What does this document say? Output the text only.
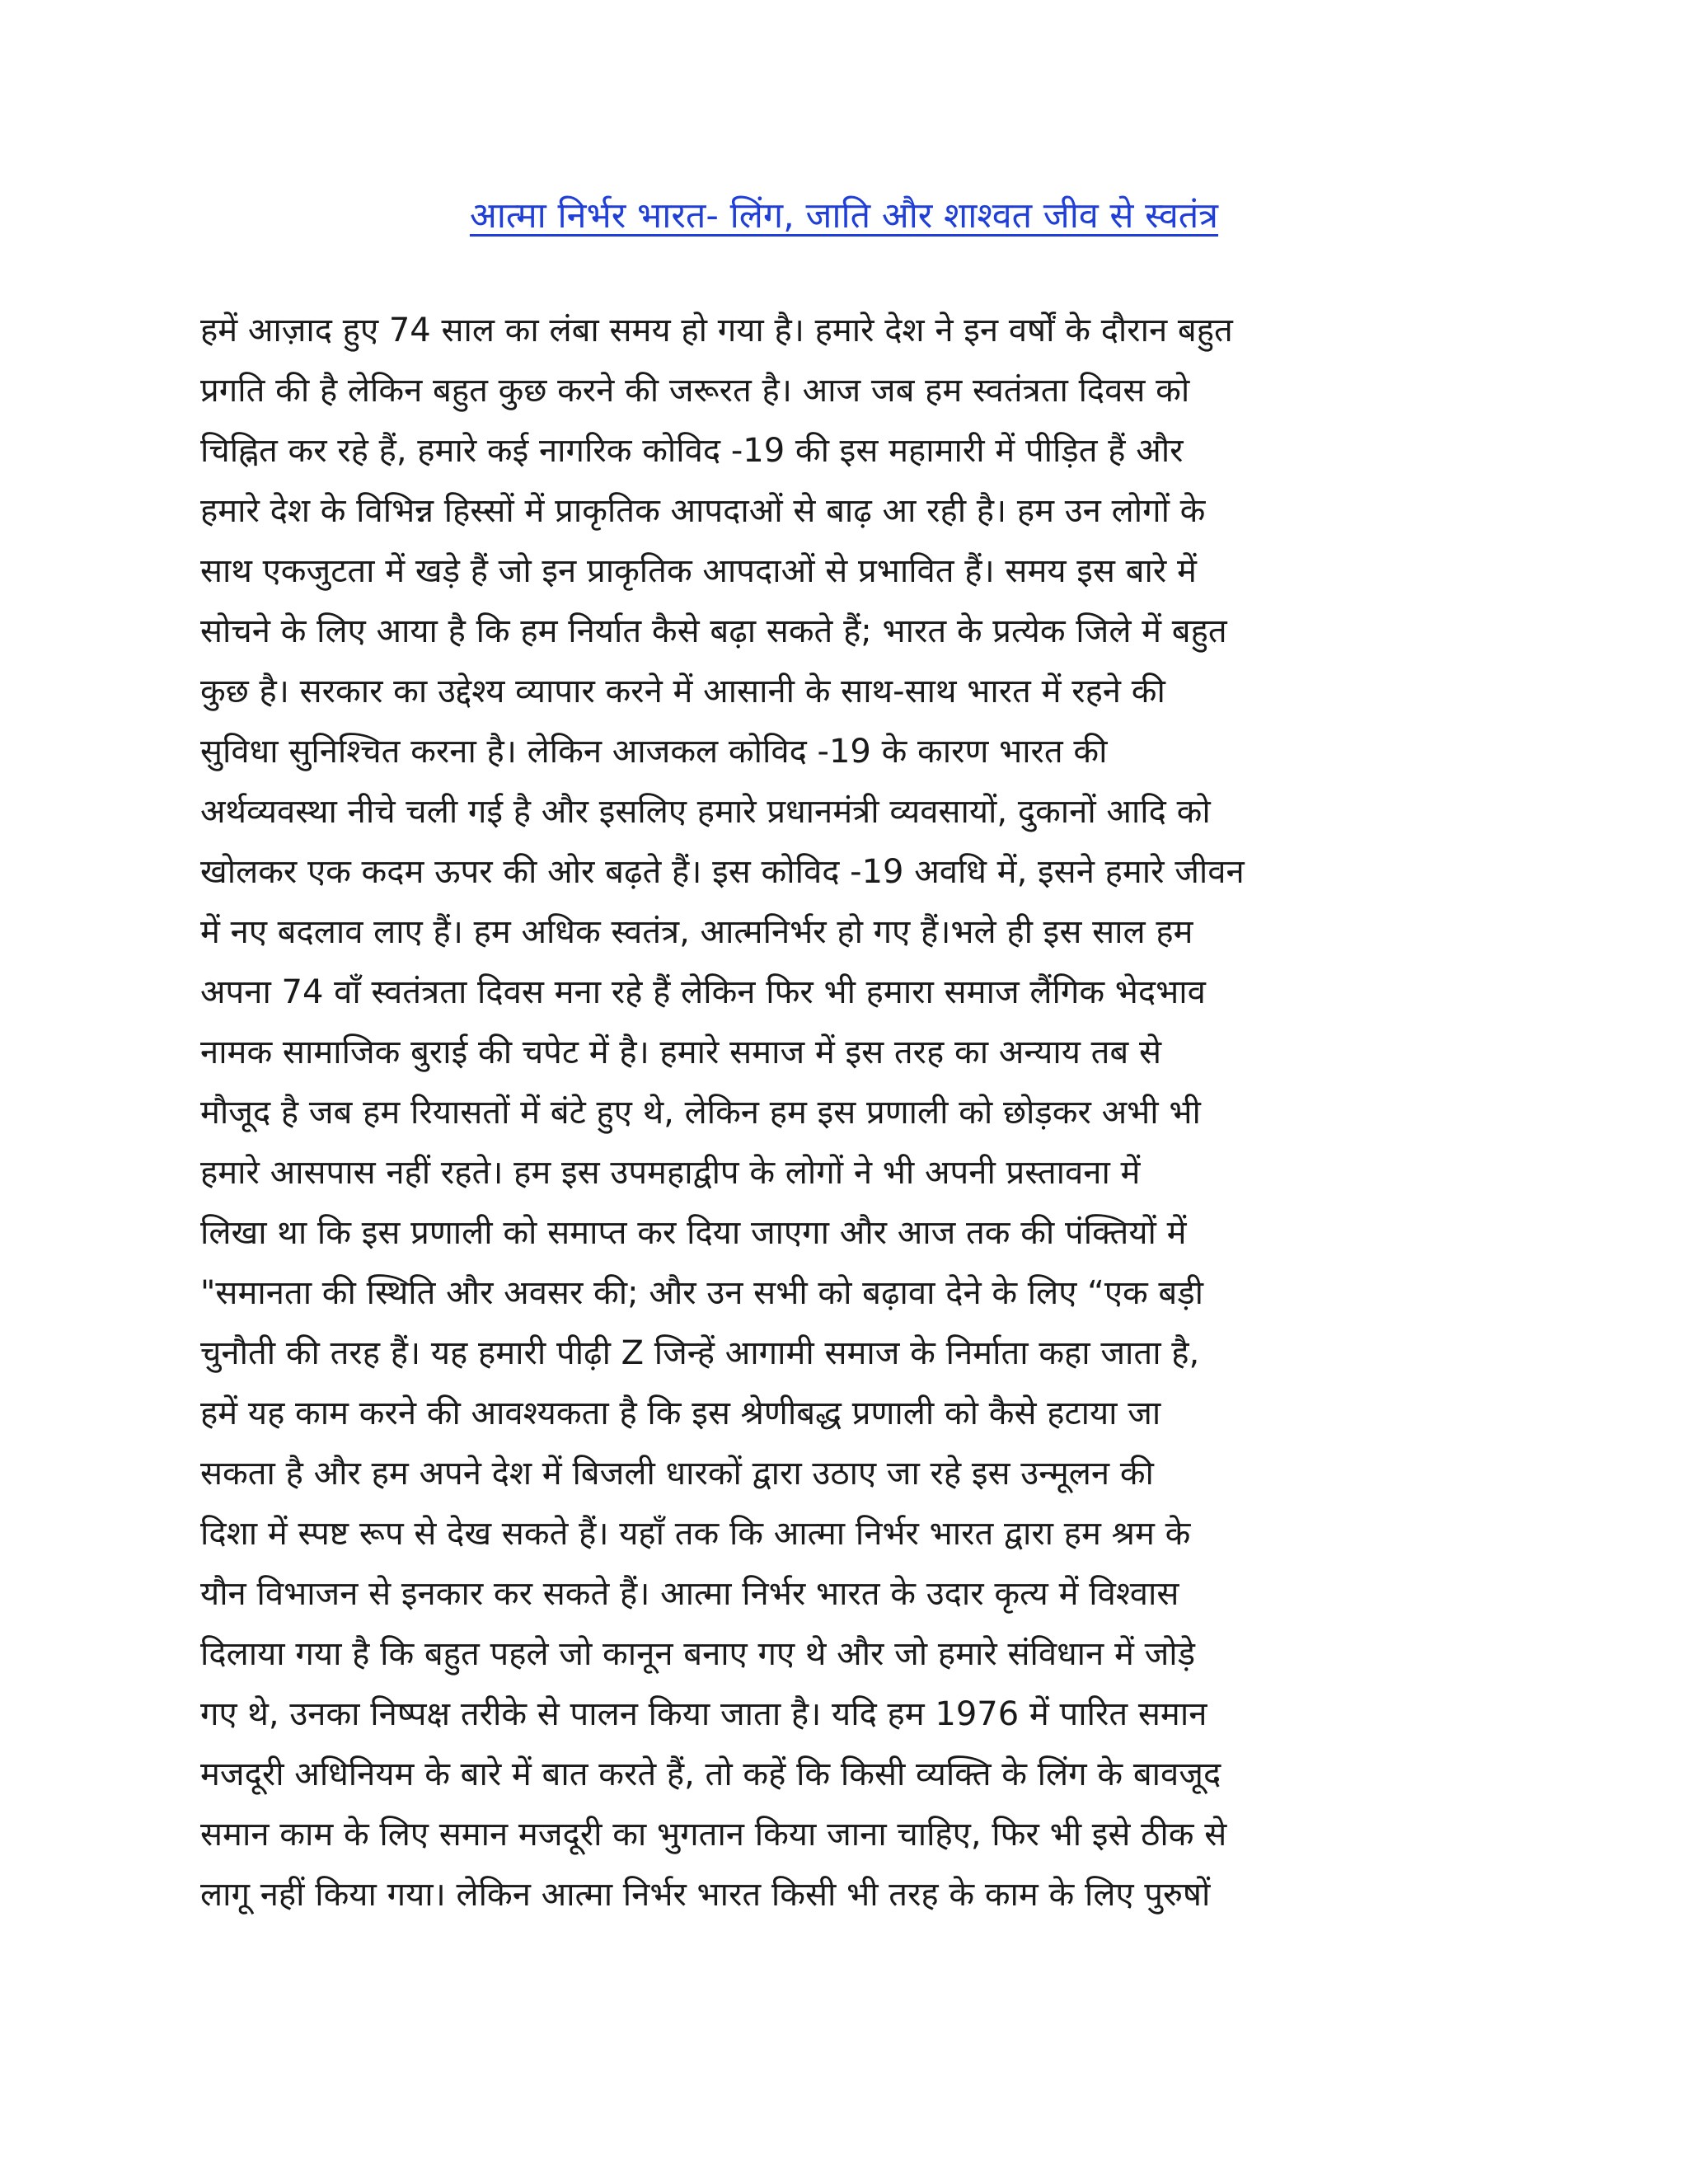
आत्मा निर्भर भारत- लिंग, जाति और शाश्वत जीव से स्वतंत्र
हमें आज़ाद हुए 74 साल का लंबा समय हो गया है। हमारे देश ने इन वर्षों के दौरान बहुत
प्रगति की है लेकिन बहुत कुछ करने की जरूरत है। आज जब हम स्वतंत्रता दिवस को
चिह्नित कर रहे हैं, हमारे कई नागरिक कोविद -19 की इस महामारी में पीड़ित हैं और
हमारे देश के विभिन्न हिस्सों में प्राकृतिक आपदाओं से बाढ़ आ रही है। हम उन लोगों के
साथ एकजुटता में खड़े हैं जो इन प्राकृतिक आपदाओं से प्रभावित हैं। समय इस बारे में
सोचने के लिए आया है कि हम निर्यात कैसे बढ़ा सकते हैं; भारत के प्रत्येक जिले में बहुत
कुछ है। सरकार का उद्देश्य व्यापार करने में आसानी के साथ-साथ भारत में रहने की
सुविधा सुनिश्चित करना है। लेकिन आजकल कोविद -19 के कारण भारत की
अर्थव्यवस्था नीचे चली गई है और इसलिए हमारे प्रधानमंत्री व्यवसायों, दुकानों आदि को
खोलकर एक कदम ऊपर की ओर बढ़ते हैं। इस कोविद -19 अवधि में, इसने हमारे जीवन
में नए बदलाव लाए हैं। हम अधिक स्वतंत्र, आत्मनिर्भर हो गए हैं।भले ही इस साल हम
अपना 74 वाँ स्वतंत्रता दिवस मना रहे हैं लेकिन फिर भी हमारा समाज लैंगिक भेदभाव
नामक सामाजिक बुराई की चपेट में है। हमारे समाज में इस तरह का अन्याय तब से
मौजूद है जब हम रियासतों में बंटे हुए थे, लेकिन हम इस प्रणाली को छोड़कर अभी भी
हमारे आसपास नहीं रहते। हम इस उपमहाद्वीप के लोगों ने भी अपनी प्रस्तावना में
लिखा था कि इस प्रणाली को समाप्त कर दिया जाएगा और आज तक की पंक्तियों में
"समानता की स्थिति और अवसर की; और उन सभी को बढ़ावा देने के लिए “एक बड़ी
चुनौती की तरह हैं। यह हमारी पीढ़ी Z जिन्हें आगामी समाज के निर्माता कहा जाता है,
हमें यह काम करने की आवश्यकता है कि इस श्रेणीबद्ध प्रणाली को कैसे हटाया जा
सकता है और हम अपने देश में बिजली धारकों द्वारा उठाए जा रहे इस उन्मूलन की
दिशा में स्पष्ट रूप से देख सकते हैं। यहाँ तक कि आत्मा निर्भर भारत द्वारा हम श्रम के
यौन विभाजन से इनकार कर सकते हैं। आत्मा निर्भर भारत के उदार कृत्य में विश्वास
दिलाया गया है कि बहुत पहले जो कानून बनाए गए थे और जो हमारे संविधान में जोड़े
गए थे, उनका निष्पक्ष तरीके से पालन किया जाता है। यदि हम 1976 में पारित समान
मजदूरी अधिनियम के बारे में बात करते हैं, तो कहें कि किसी व्यक्ति के लिंग के बावजूद
समान काम के लिए समान मजदूरी का भुगतान किया जाना चाहिए, फिर भी इसे ठीक से
लागू नहीं किया गया। लेकिन आत्मा निर्भर भारत किसी भी तरह के काम के लिए पुरुषों
